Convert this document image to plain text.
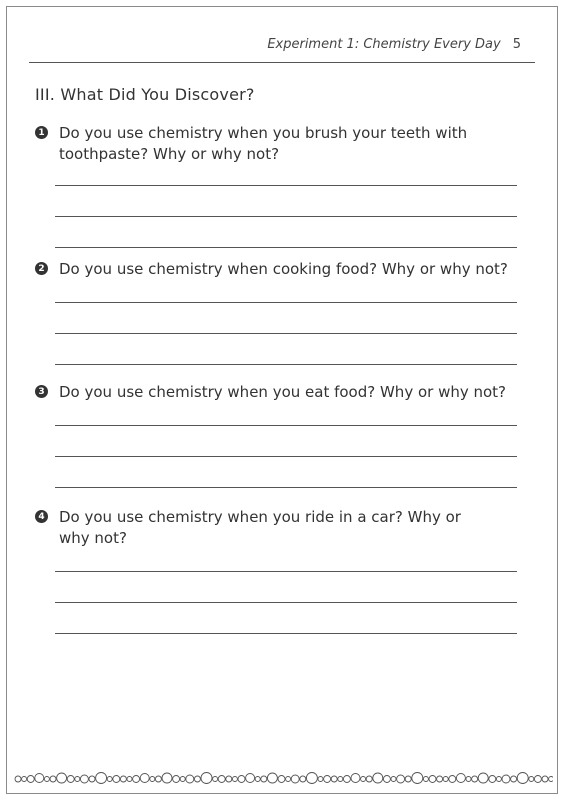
Experiment 1: Chemistry Every Day 5
III. What Did You Discover?
1 Do you use chemistry when you brush your teeth with
toothpaste? Why or why not?
2 Do you use chemistry when cooking food? Why or why not?
3 Do you use chemistry when you eat food? Why or why not?
4 Do you use chemistry when you ride in a car? Why or
why not?
